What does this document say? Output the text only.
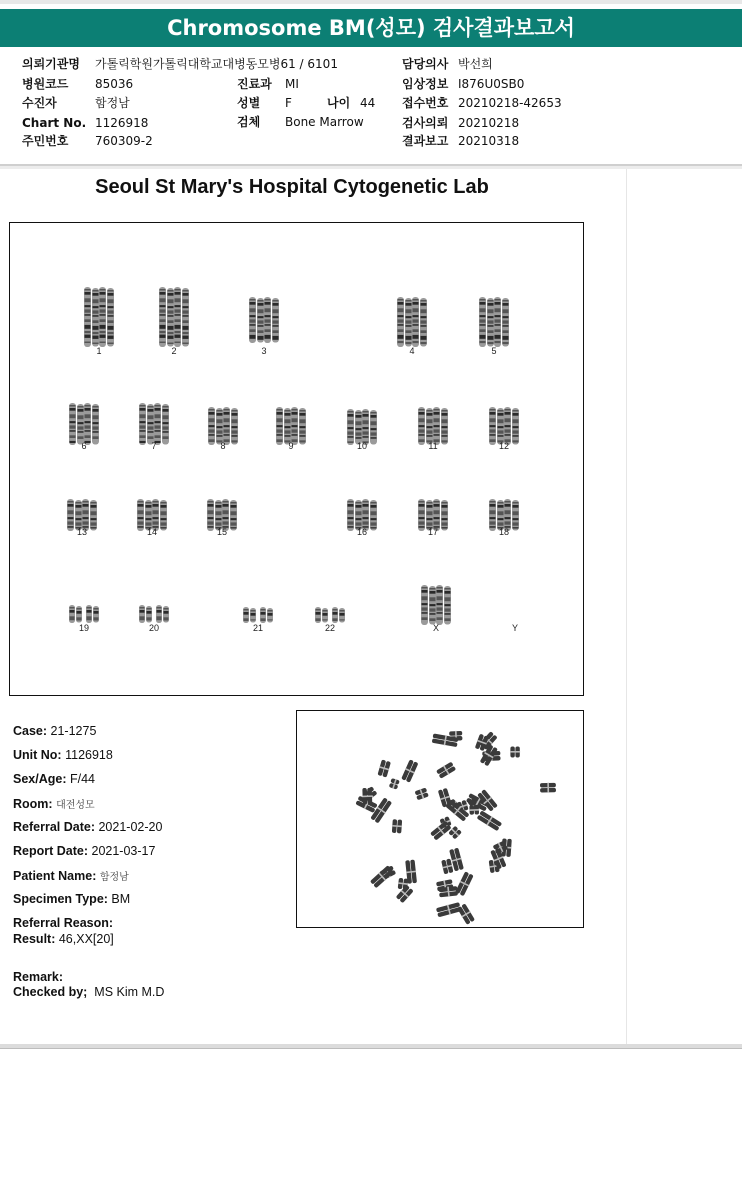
Chromosome BM(성모) 검사결과보고서
의뢰기관명 가톨릭학원가톨릭대학교대병동모병61 / 6101	담당의사 박선희
병원코드 85036	진료과 MI	임상정보 I876U0SB0
수진자	함정남	성별 F	나이 44 접수번호 20210218-42653
Chart No. 1126918	검체 Bone Marrow	검사의뢰 20210218
주민번호 760309-2	결과보고 20210318
Seoul St Mary's Hospital Cytogenetic Lab
1	2	3	4	5
6	7	8	9	10	11	12
13	14	15	16	17	18
19	20	21	22	X	Y
Case: 21-1275
Unit No: 1126918
Sex/Age: F/44
Room: 대전성모
Referral Date: 2021-02-20
Report Date: 2021-03-17
Patient Name: 함정남
Specimen Type: BM
Referral Reason:
Result: 46,XX[20]
Remark:
Checked by; MS Kim M.D
